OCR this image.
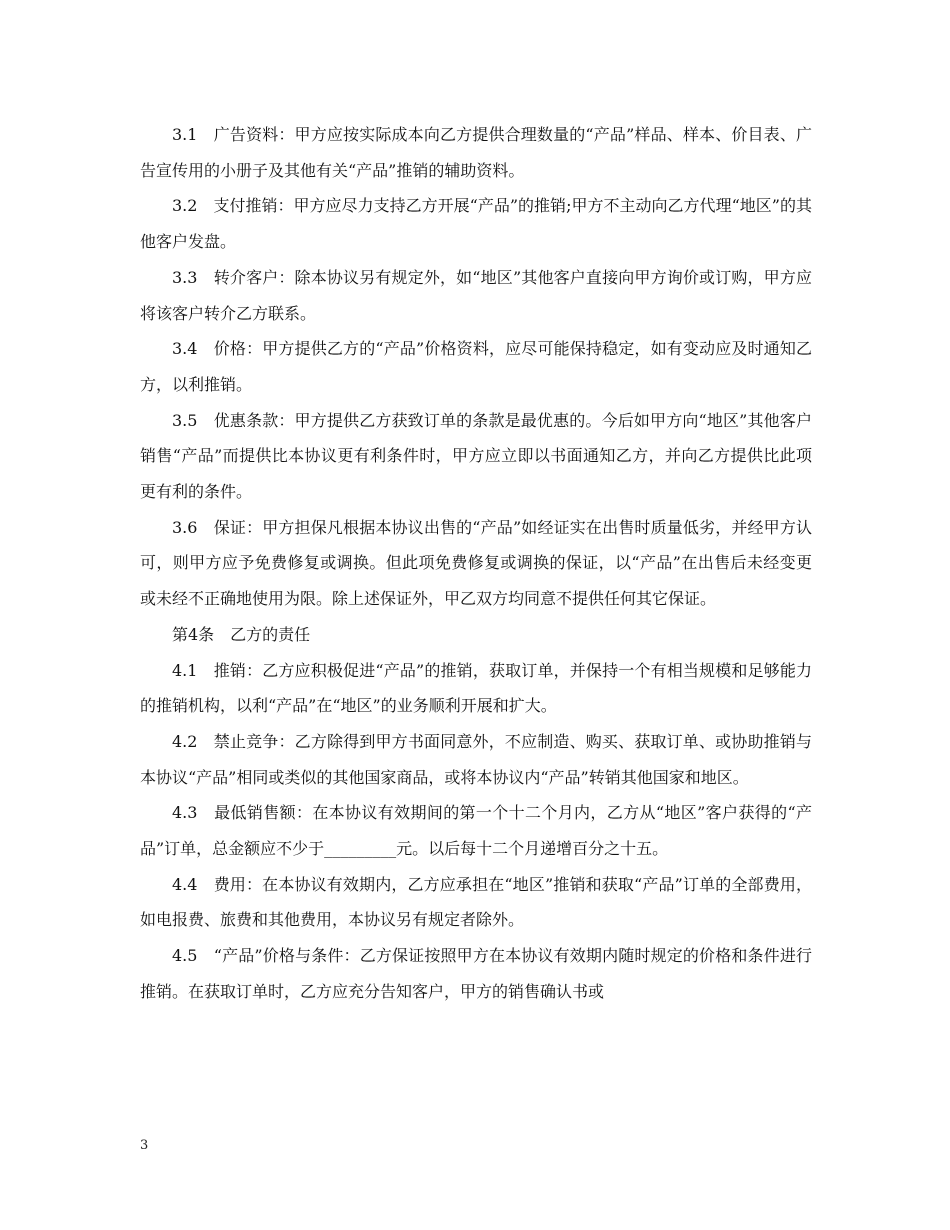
3.1　广告资料：甲方应按实际成本向乙方提供合理数量的“产品”样品、样本、价目表、广告宣传用的小册子及其他有关“产品”推销的辅助资料。

3.2　支付推销：甲方应尽力支持乙方开展“产品”的推销;甲方不主动向乙方代理“地区”的其他客户发盘。

3.3　转介客户：除本协议另有规定外，如“地区”其他客户直接向甲方询价或订购，甲方应将该客户转介乙方联系。

3.4　价格：甲方提供乙方的“产品”价格资料，应尽可能保持稳定，如有变动应及时通知乙方，以利推销。

3.5　优惠条款：甲方提供乙方获致订单的条款是最优惠的。今后如甲方向“地区”其他客户销售“产品”而提供比本协议更有利条件时，甲方应立即以书面通知乙方，并向乙方提供比此项更有利的条件。

3.6　保证：甲方担保凡根据本协议出售的“产品”如经证实在出售时质量低劣，并经甲方认可，则甲方应予免费修复或调换。但此项免费修复或调换的保证，以“产品”在出售后未经变更或未经不正确地使用为限。除上述保证外，甲乙双方均同意不提供任何其它保证。

第4条　乙方的责任

4.1　推销：乙方应积极促进“产品”的推销，获取订单，并保持一个有相当规模和足够能力的推销机构，以利“产品”在“地区”的业务顺利开展和扩大。

4.2　禁止竞争：乙方除得到甲方书面同意外，不应制造、购买、获取订单、或协助推销与本协议“产品”相同或类似的其他国家商品，或将本协议内“产品”转销其他国家和地区。

4.3　最低销售额：在本协议有效期间的第一个十二个月内，乙方从“地区”客户获得的“产品”订单，总金额应不少于_________元。以后每十二个月递增百分之十五。

4.4　费用：在本协议有效期内，乙方应承担在“地区”推销和获取“产品”订单的全部费用，如电报费、旅费和其他费用，本协议另有规定者除外。

4.5　“产品”价格与条件：乙方保证按照甲方在本协议有效期内随时规定的价格和条件进行推销。在获取订单时，乙方应充分告知客户，甲方的销售确认书或

3
